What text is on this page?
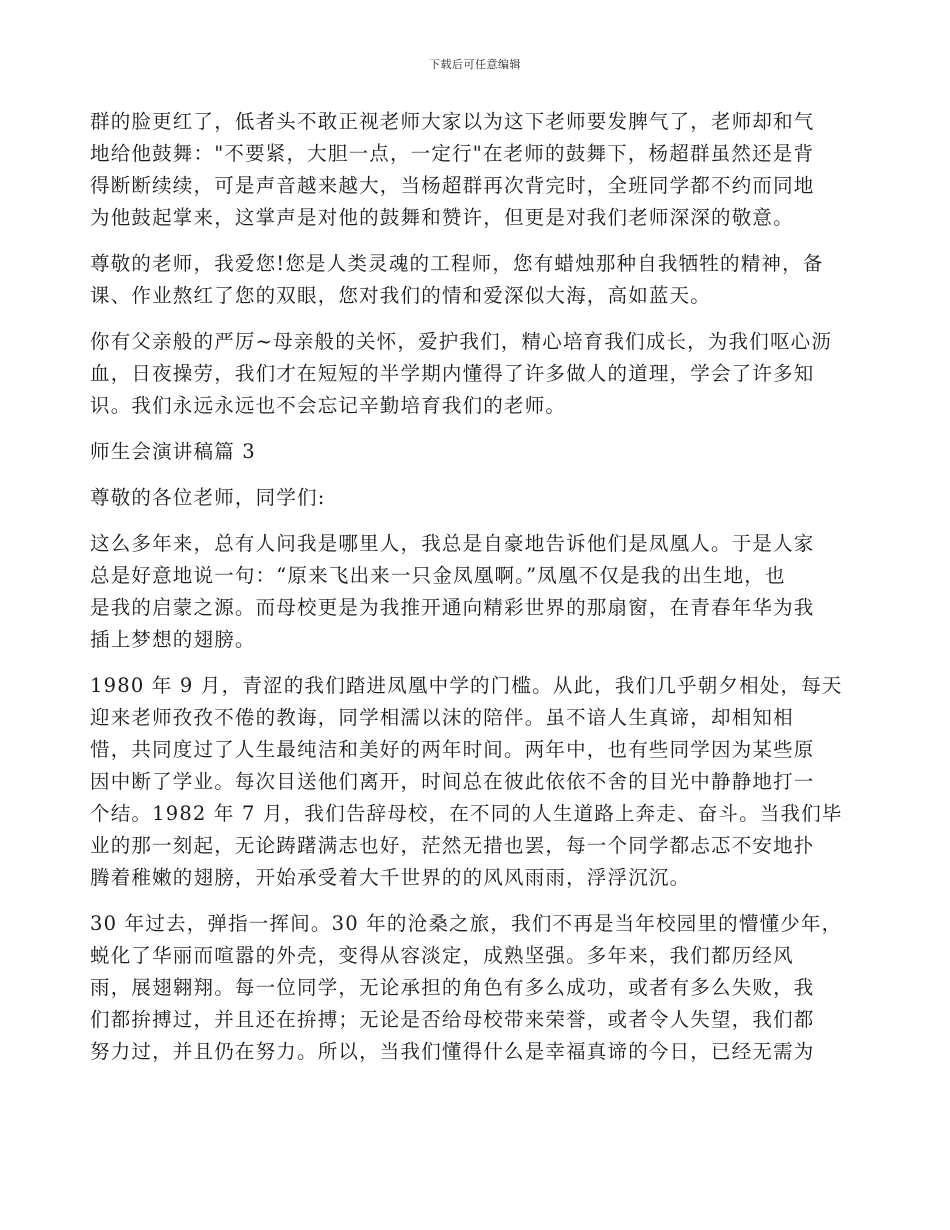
下载后可任意编辑

群的脸更红了，低者头不敢正视老师大家以为这下老师要发脾气了，老师却和气
地给他鼓舞："不要紧，大胆一点，一定行"在老师的鼓舞下，杨超群虽然还是背
得断断续续，可是声音越来越大，当杨超群再次背完时，全班同学都不约而同地
为他鼓起掌来，这掌声是对他的鼓舞和赞许，但更是对我们老师深深的敬意。

尊敬的老师，我爱您!您是人类灵魂的工程师，您有蜡烛那种自我牺牲的精神，备
课、作业熬红了您的双眼，您对我们的情和爱深似大海，高如蓝天。

你有父亲般的严厉~母亲般的关怀，爱护我们，精心培育我们成长，为我们呕心沥
血，日夜操劳，我们才在短短的半学期内懂得了许多做人的道理，学会了许多知
识。我们永远永远也不会忘记辛勤培育我们的老师。

师生会演讲稿篇 3

尊敬的各位老师，同学们:

这么多年来，总有人问我是哪里人，我总是自豪地告诉他们是凤凰人。于是人家
总是好意地说一句：“原来飞出来一只金凤凰啊。”凤凰不仅是我的出生地，也
是我的启蒙之源。而母校更是为我推开通向精彩世界的那扇窗，在青春年华为我
插上梦想的翅膀。

1980 年 9 月，青涩的我们踏进凤凰中学的门槛。从此，我们几乎朝夕相处，每天
迎来老师孜孜不倦的教诲，同学相濡以沫的陪伴。虽不谙人生真谛，却相知相
惜，共同度过了人生最纯洁和美好的两年时间。两年中，也有些同学因为某些原
因中断了学业。每次目送他们离开，时间总在彼此依依不舍的目光中静静地打一
个结。1982 年 7 月，我们告辞母校，在不同的人生道路上奔走、奋斗。当我们毕
业的那一刻起，无论踌躇满志也好，茫然无措也罢，每一个同学都忐忑不安地扑
腾着稚嫩的翅膀，开始承受着大千世界的的风风雨雨，浮浮沉沉。

30 年过去，弹指一挥间。30 年的沧桑之旅，我们不再是当年校园里的懵懂少年，
蜕化了华丽而喧嚣的外壳，变得从容淡定，成熟坚强。多年来，我们都历经风
雨，展翅翱翔。每一位同学，无论承担的角色有多么成功，或者有多么失败，我
们都拚搏过，并且还在拚搏；无论是否给母校带来荣誉，或者令人失望，我们都
努力过，并且仍在努力。所以，当我们懂得什么是幸福真谛的今日，已经无需为
